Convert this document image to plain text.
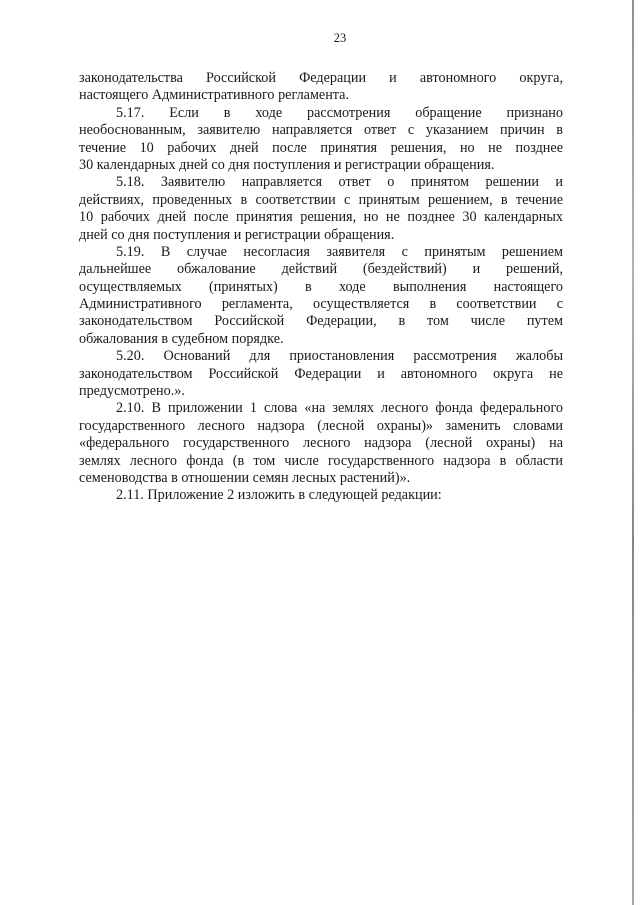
23
законодательства Российской Федерации и автономного округа,
настоящего Административного регламента.
5.17. Если в ходе рассмотрения обращение признано
необоснованным, заявителю направляется ответ с указанием причин в
течение 10 рабочих дней после принятия решения, но не позднее
30 календарных дней со дня поступления и регистрации обращения.
5.18. Заявителю направляется ответ о принятом решении и
действиях, проведенных в соответствии с принятым решением, в течение
10 рабочих дней после принятия решения, но не позднее 30 календарных
дней со дня поступления и регистрации обращения.
5.19. В случае несогласия заявителя с принятым решением
дальнейшее обжалование действий (бездействий) и решений,
осуществляемых (принятых) в ходе выполнения настоящего
Административного регламента, осуществляется в соответствии с
законодательством Российской Федерации, в том числе путем
обжалования в судебном порядке.
5.20. Оснований для приостановления рассмотрения жалобы
законодательством Российской Федерации и автономного округа не
предусмотрено.».
2.10. В приложении 1 слова «на землях лесного фонда федерального
государственного лесного надзора (лесной охраны)» заменить словами
«федерального государственного лесного надзора (лесной охраны) на
землях лесного фонда (в том числе государственного надзора в области
семеноводства в отношении семян лесных растений)».
2.11. Приложение 2 изложить в следующей редакции:
